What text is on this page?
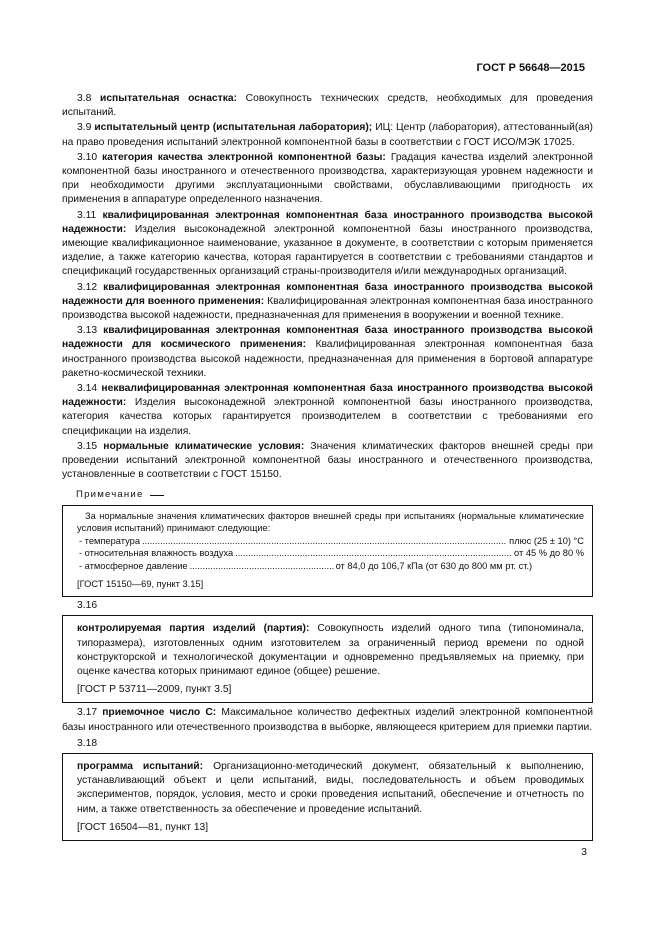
ГОСТ Р 56648—2015

3.8 испытательная оснастка: Совокупность технических средств, необходимых для проведения испытаний.

3.9 испытательный центр (испытательная лаборатория); ИЦ: Центр (лаборатория), аттестованный(ая) на право проведения испытаний электронной компонентной базы в соответствии с ГОСТ ИСО/МЭК 17025.

3.10 категория качества электронной компонентной базы: Градация качества изделий электронной компонентной базы иностранного и отечественного производства, характеризующая уровнем надежности и при необходимости другими эксплуатационными свойствами, обуславливающими пригодность их применения в аппаратуре определенного назначения.

3.11 квалифицированная электронная компонентная база иностранного производства высокой надежности: Изделия высоконадежной электронной компонентной базы иностранного производства, имеющие квалификационное наименование, указанное в документе, в соответствии с которым применяется изделие, а также категорию качества, которая гарантируется в соответствии с требованиями стандартов и спецификаций государственных организаций страны-производителя и/или международных организаций.

3.12 квалифицированная электронная компонентная база иностранного производства высокой надежности для военного применения: Квалифицированная электронная компонентная база иностранного производства высокой надежности, предназначенная для применения в вооружении и военной технике.

3.13 квалифицированная электронная компонентная база иностранного производства высокой надежности для космического применения: Квалифицированная электронная компонентная база иностранного производства высокой надежности, предназначенная для применения в бортовой аппаратуре ракетно-космической техники.

3.14 неквалифицированная электронная компонентная база иностранного производства высокой надежности: Изделия высоконадежной электронной компонентной базы иностранного производства, категория качества которых гарантируется производителем в соответствии с требованиями его спецификации на изделия.

3.15 нормальные климатические условия: Значения климатических факторов внешней среды при проведении испытаний электронной компонентной базы иностранного и отечественного производства, установленные в соответствии с ГОСТ 15150.

Примечание

За нормальные значения климатических факторов внешней среды при испытаниях (нормальные климатические условия испытаний) принимают следующие:

- температура .....	плюс (25 ± 10) °С
- относительная влажность воздуха .....	от 45 % до 80 %
- атмосферное давление .....	от 84,0 до 106,7 кПа (от 630 до 800 мм рт. ст.)

[ГОСТ 15150—69, пункт 3.15]

3.16

контролируемая партия изделий (партия): Совокупность изделий одного типа (типономинала, типоразмера), изготовленных одним изготовителем за ограниченный период времени по одной конструкторской и технологической документации и одновременно предъявляемых на приемку, при оценке качества которых принимают единое (общее) решение.

[ГОСТ Р 53711—2009, пункт 3.5]

3.17 приемочное число С: Максимальное количество дефектных изделий электронной компонентной базы иностранного или отечественного производства в выборке, являющееся критерием для приемки партии.

3.18

программа испытаний: Организационно-методический документ, обязательный к выполнению, устанавливающий объект и цели испытаний, виды, последовательность и объем проводимых экспериментов, порядок, условия, место и сроки проведения испытаний, обеспечение и отчетность по ним, а также ответственность за обеспечение и проведение испытаний.

[ГОСТ 16504—81, пункт 13]

3
